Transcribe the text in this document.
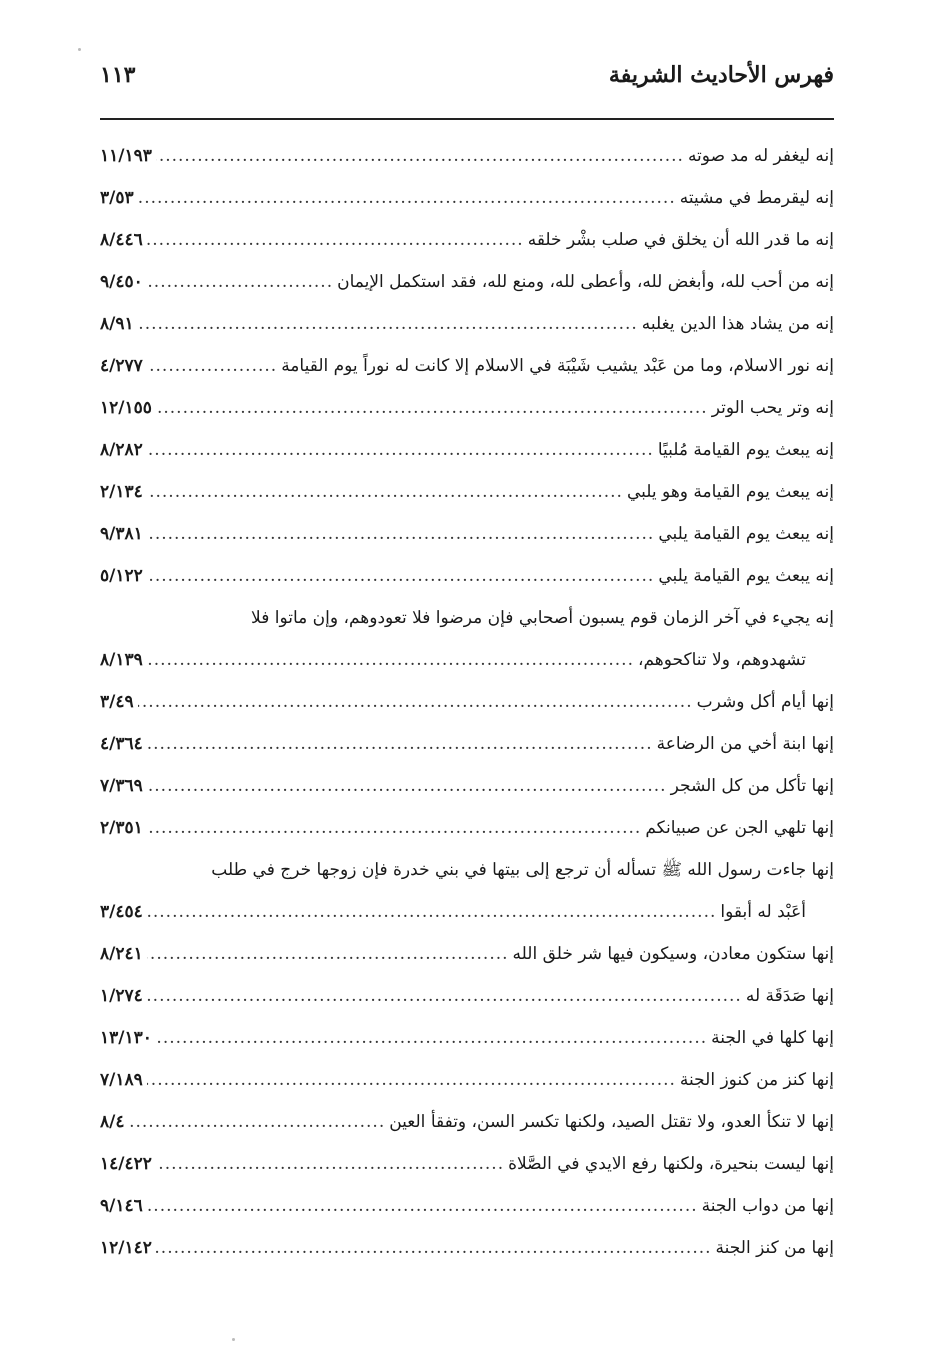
فهرس الأحاديث الشريفة
١١٣
إنه ليغفر له مد صوته
.....
١١/١٩٣
إنه ليقرمط في مشيته
.....
٣/٥٣
إنه ما قدر الله أن يخلق في صلب بشْر خلقه
.....
٨/٤٤٦
إنه من أحب لله، وأبغض لله، وأعطى لله، ومنع لله، فقد استكمل الإيمان
.....
٩/٤٥٠
إنه من يشاد هذا الدين يغلبه
.....
٨/٩١
إنه نور الاسلام، وما من عَبْد يشيب شَيْبَة في الاسلام إلا كانت له نوراً يوم القيامة
.....
٤/٢٧٧
إنه وتر يحب الوتر
.....
١٢/١٥٥
إنه يبعث يوم القيامة مُلبيًا
.....
٨/٢٨٢
إنه يبعث يوم القيامة وهو يلبي
.....
٢/١٣٤
إنه يبعث يوم القيامة يلبي
.....
٩/٣٨١
إنه يبعث يوم القيامة يلبي
.....
٥/١٢٢
إنه يجيء في آخر الزمان قوم يسبون أصحابي فإن مرضوا فلا تعودوهم، وإن ماتوا فلا
تشهدوهم، ولا تناكحوهم،
.....
٨/١٣٩
إنها أيام أكل وشرب
.....
٣/٤٩
إنها ابنة أخي من الرضاعة
.....
٤/٣٦٤
إنها تأكل من كل الشجر
.....
٧/٣٦٩
إنها تلهي الجن عن صبيانكم
.....
٢/٣٥١
إنها جاءت رسول الله ﷺ تسأله أن ترجع إلى بيتها في بني خدرة فإن زوجها خرج في طلب
أعَبْد له أبقوا
.....
٣/٤٥٤
إنها ستكون معادن، وسيكون فيها شر خلق الله
.....
٨/٢٤١
إنها صَدَقَة له
.....
١/٢٧٤
إنها كلها في الجنة
.....
١٣/١٣٠
إنها كنز من كنوز الجنة
.....
٧/١٨٩
إنها لا تنكأ العدو، ولا تقتل الصيد، ولكنها تكسر السن، وتفقأ العين
.....
٨/٤
إنها ليست بنحيرة، ولكنها رفع الايدي في الصَّلاة
.....
١٤/٤٢٢
إنها من دواب الجنة
.....
٩/١٤٦
إنها من كنز الجنة
.....
١٢/١٤٢
